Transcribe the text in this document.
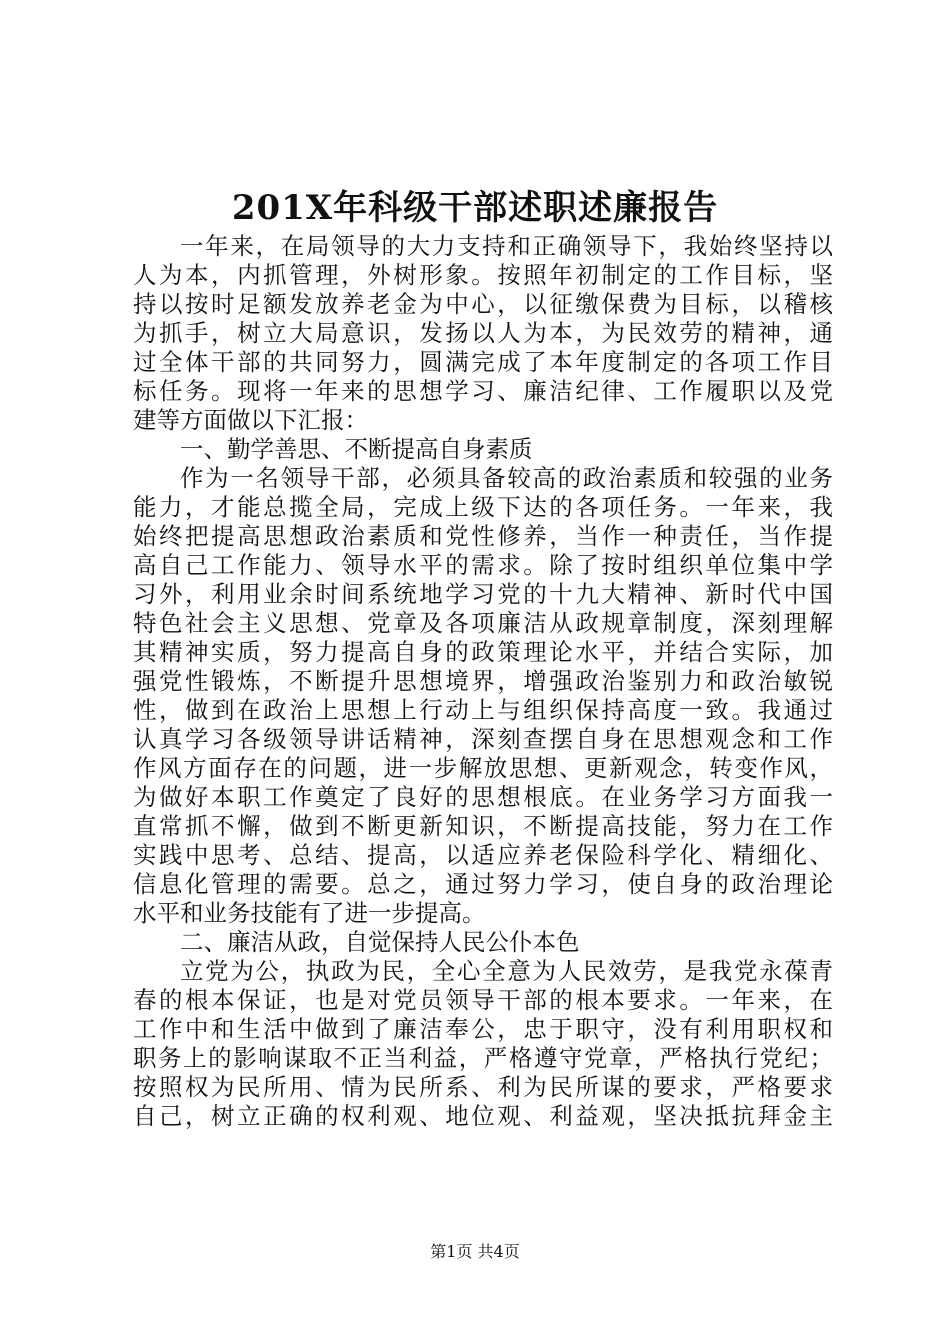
201X年科级干部述职述廉报告
一年来，在局领导的大力支持和正确领导下，我始终坚持以
人为本，内抓管理，外树形象。按照年初制定的工作目标，坚
持以按时足额发放养老金为中心，以征缴保费为目标，以稽核
为抓手，树立大局意识，发扬以人为本，为民效劳的精神，通
过全体干部的共同努力，圆满完成了本年度制定的各项工作目
标任务。现将一年来的思想学习、廉洁纪律、工作履职以及党
建等方面做以下汇报：
一、勤学善思、不断提高自身素质
作为一名领导干部，必须具备较高的政治素质和较强的业务
能力，才能总揽全局，完成上级下达的各项任务。一年来，我
始终把提高思想政治素质和党性修养，当作一种责任，当作提
高自己工作能力、领导水平的需求。除了按时组织单位集中学
习外，利用业余时间系统地学习党的十九大精神、新时代中国
特色社会主义思想、党章及各项廉洁从政规章制度，深刻理解
其精神实质，努力提高自身的政策理论水平，并结合实际，加
强党性锻炼，不断提升思想境界，增强政治鉴别力和政治敏锐
性，做到在政治上思想上行动上与组织保持高度一致。我通过
认真学习各级领导讲话精神，深刻查摆自身在思想观念和工作
作风方面存在的问题，进一步解放思想、更新观念，转变作风，
为做好本职工作奠定了良好的思想根底。在业务学习方面我一
直常抓不懈，做到不断更新知识，不断提高技能，努力在工作
实践中思考、总结、提高，以适应养老保险科学化、精细化、
信息化管理的需要。总之，通过努力学习，使自身的政治理论
水平和业务技能有了进一步提高。
二、廉洁从政，自觉保持人民公仆本色
立党为公，执政为民，全心全意为人民效劳，是我党永葆青
春的根本保证，也是对党员领导干部的根本要求。一年来，在
工作中和生活中做到了廉洁奉公，忠于职守，没有利用职权和
职务上的影响谋取不正当利益，严格遵守党章，严格执行党纪；
按照权为民所用、情为民所系、利为民所谋的要求，严格要求
自己，树立正确的权利观、地位观、利益观，坚决抵抗拜金主
第1页 共4页
